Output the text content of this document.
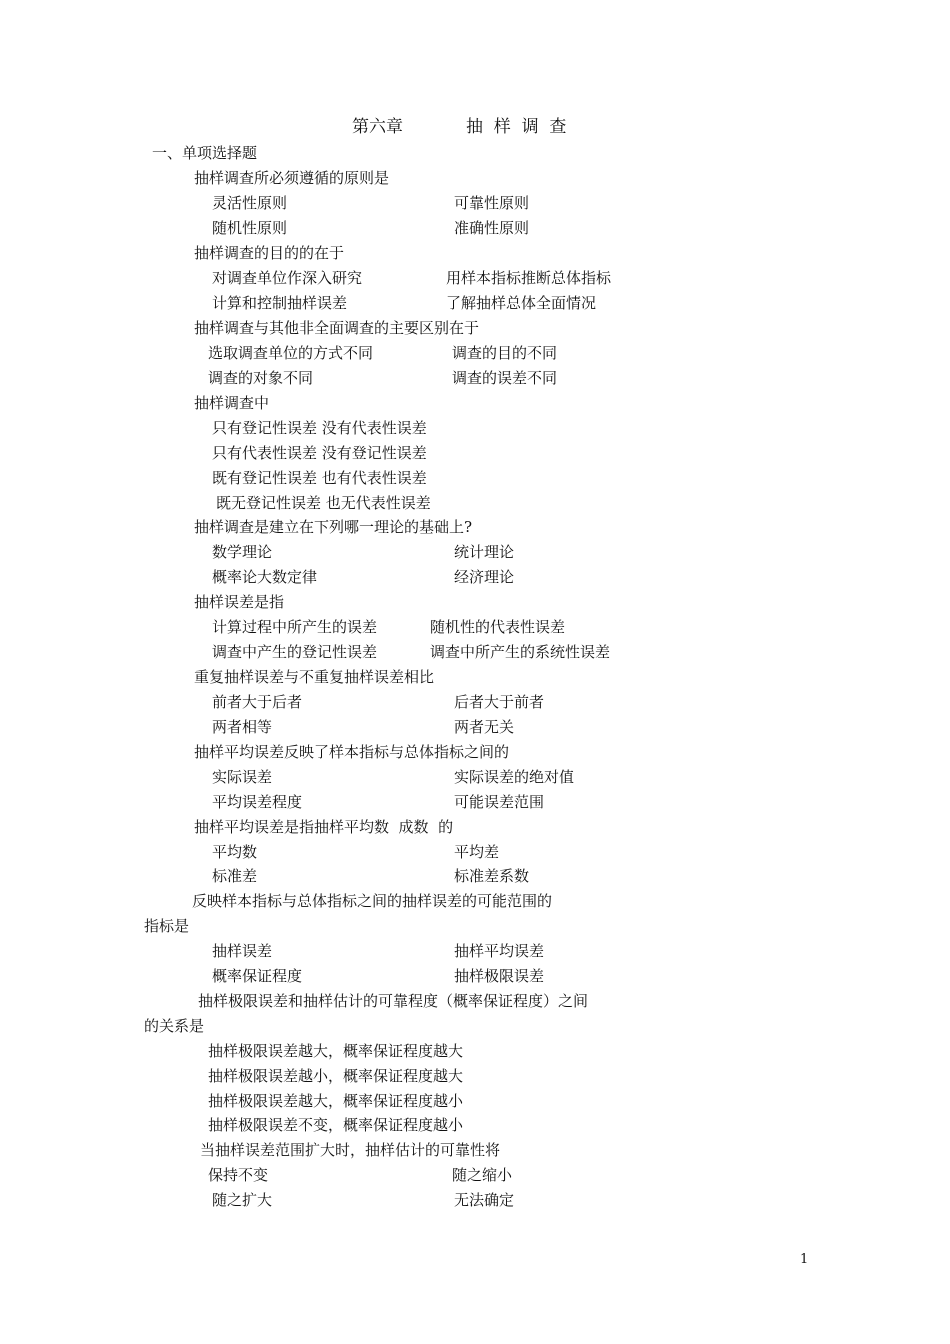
第六章	抽  样  调  查
一、单项选择题
抽样调查所必须遵循的原则是
灵活性原则	可靠性原则
随机性原则	准确性原则
抽样调查的目的的在于
对调查单位作深入研究	用样本指标推断总体指标
计算和控制抽样误差	了解抽样总体全面情况
抽样调查与其他非全面调查的主要区别在于
选取调查单位的方式不同	调查的目的不同
调查的对象不同	调查的误差不同
抽样调查中
只有登记性误差 没有代表性误差
只有代表性误差 没有登记性误差
既有登记性误差 也有代表性误差
既无登记性误差 也无代表性误差
抽样调查是建立在下列哪一理论的基础上?
数学理论	统计理论
概率论大数定律	经济理论
抽样误差是指
计算过程中所产生的误差	随机性的代表性误差
调查中产生的登记性误差	调查中所产生的系统性误差
重复抽样误差与不重复抽样误差相比
前者大于后者	后者大于前者
两者相等	两者无关
抽样平均误差反映了样本指标与总体指标之间的
实际误差	实际误差的绝对值
平均误差程度	可能误差范围
抽样平均误差是指抽样平均数  成数  的
平均数	平均差
标准差	标准差系数
反映样本指标与总体指标之间的抽样误差的可能范围的
指标是
抽样误差	抽样平均误差
概率保证程度	抽样极限误差
抽样极限误差和抽样估计的可靠程度（概率保证程度）之间
的关系是
抽样极限误差越大，概率保证程度越大
抽样极限误差越小，概率保证程度越大
抽样极限误差越大，概率保证程度越小
抽样极限误差不变，概率保证程度越小
当抽样误差范围扩大时，抽样估计的可靠性将
保持不变	随之缩小
随之扩大	无法确定
1
